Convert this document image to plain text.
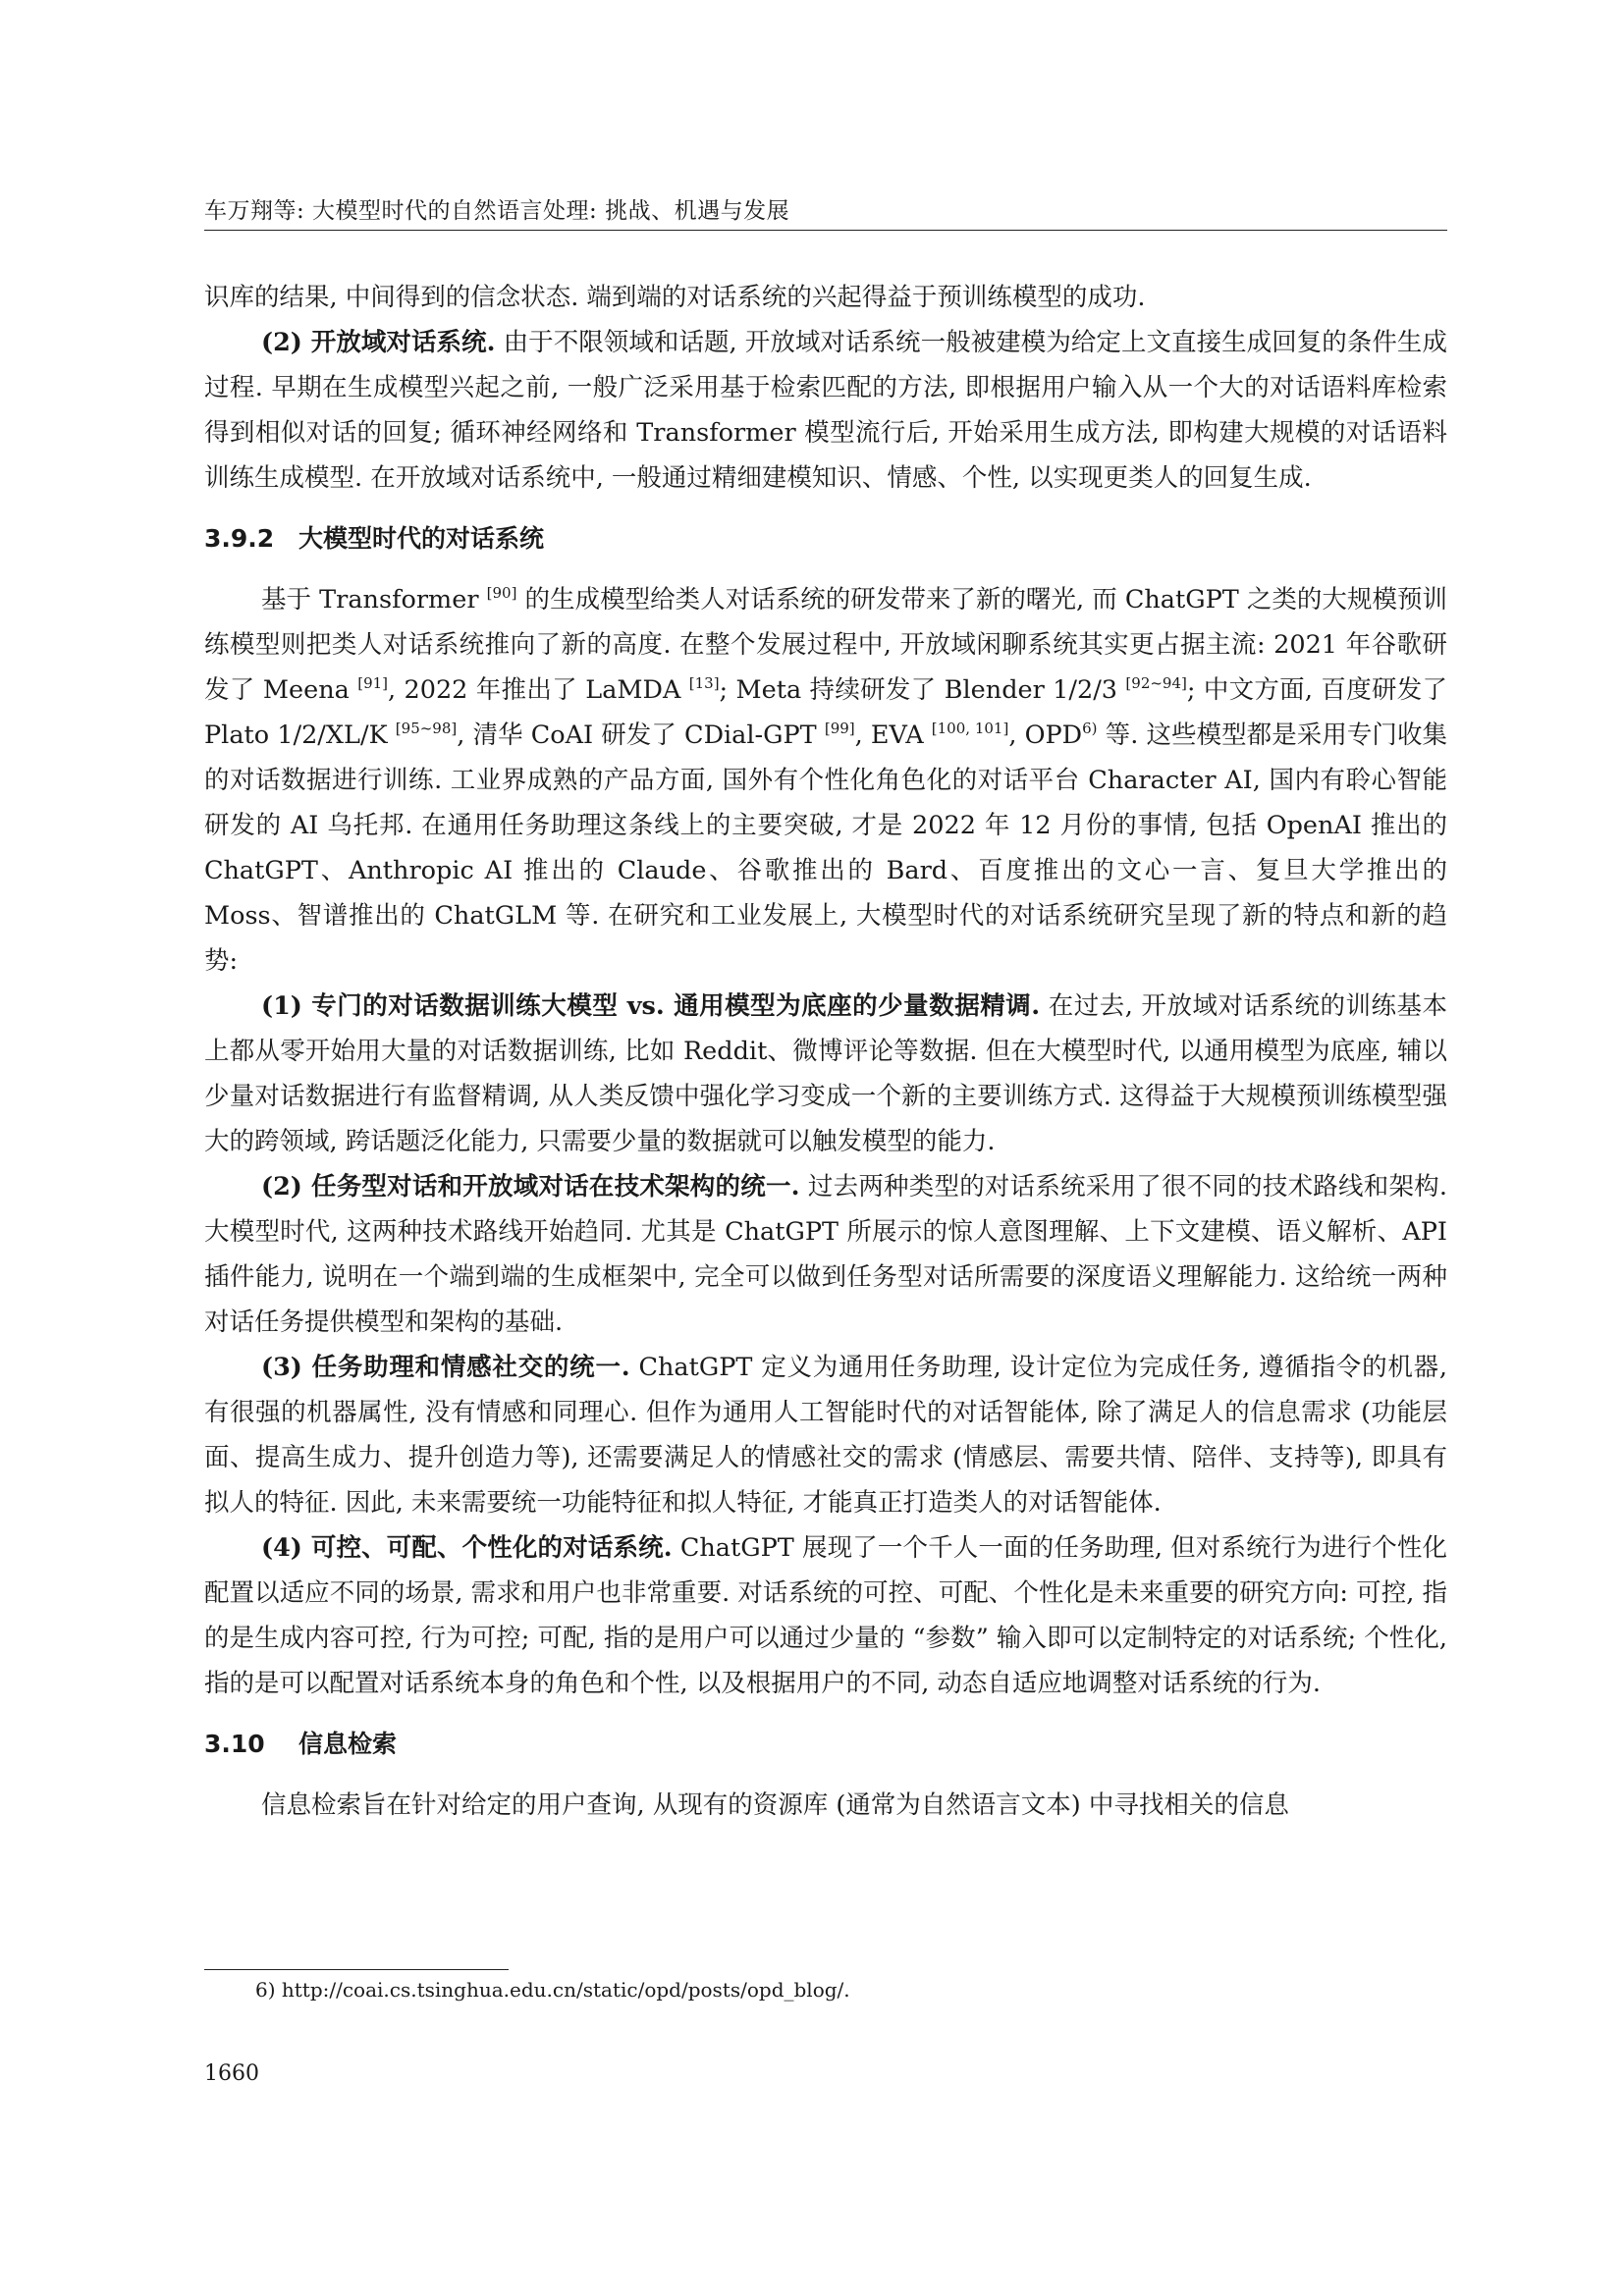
车万翔等: 大模型时代的自然语言处理: 挑战、机遇与发展

识库的结果, 中间得到的信念状态. 端到端的对话系统的兴起得益于预训练模型的成功.

(2) 开放域对话系统. 由于不限领域和话题, 开放域对话系统一般被建模为给定上文直接生成回复的条件生成过程. 早期在生成模型兴起之前, 一般广泛采用基于检索匹配的方法, 即根据用户输入从一个大的对话语料库检索得到相似对话的回复; 循环神经网络和 Transformer 模型流行后, 开始采用生成方法, 即构建大规模的对话语料训练生成模型. 在开放域对话系统中, 一般通过精细建模知识、情感、个性, 以实现更类人的回复生成.

3.9.2 大模型时代的对话系统

基于 Transformer [90] 的生成模型给类人对话系统的研发带来了新的曙光, 而 ChatGPT 之类的大规模预训练模型则把类人对话系统推向了新的高度. 在整个发展过程中, 开放域闲聊系统其实更占据主流: 2021 年谷歌研发了 Meena [91], 2022 年推出了 LaMDA [13]; Meta 持续研发了 Blender 1/2/3 [92~94]; 中文方面, 百度研发了 Plato 1/2/XL/K [95~98], 清华 CoAI 研发了 CDial-GPT [99], EVA [100, 101], OPD$^{6)}$ 等. 这些模型都是采用专门收集的对话数据进行训练. 工业界成熟的产品方面, 国外有个性化角色化的对话平台 Character AI, 国内有聆心智能研发的 AI 乌托邦. 在通用任务助理这条线上的主要突破, 才是 2022 年 12 月份的事情, 包括 OpenAI 推出的 ChatGPT、Anthropic AI 推出的 Claude、谷歌推出的 Bard、百度推出的文心一言、复旦大学推出的 Moss、智谱推出的 ChatGLM 等. 在研究和工业发展上, 大模型时代的对话系统研究呈现了新的特点和新的趋势:

(1) 专门的对话数据训练大模型 vs. 通用模型为底座的少量数据精调. 在过去, 开放域对话系统的训练基本上都从零开始用大量的对话数据训练, 比如 Reddit、微博评论等数据. 但在大模型时代, 以通用模型为底座, 辅以少量对话数据进行有监督精调, 从人类反馈中强化学习变成一个新的主要训练方式. 这得益于大规模预训练模型强大的跨领域, 跨话题泛化能力, 只需要少量的数据就可以触发模型的能力.

(2) 任务型对话和开放域对话在技术架构的统一. 过去两种类型的对话系统采用了很不同的技术路线和架构. 大模型时代, 这两种技术路线开始趋同. 尤其是 ChatGPT 所展示的惊人意图理解、上下文建模、语义解析、API 插件能力, 说明在一个端到端的生成框架中, 完全可以做到任务型对话所需要的深度语义理解能力. 这给统一两种对话任务提供模型和架构的基础.

(3) 任务助理和情感社交的统一. ChatGPT 定义为通用任务助理, 设计定位为完成任务, 遵循指令的机器, 有很强的机器属性, 没有情感和同理心. 但作为通用人工智能时代的对话智能体, 除了满足人的信息需求 (功能层面、提高生成力、提升创造力等), 还需要满足人的情感社交的需求 (情感层、需要共情、陪伴、支持等), 即具有拟人的特征. 因此, 未来需要统一功能特征和拟人特征, 才能真正打造类人的对话智能体.

(4) 可控、可配、个性化的对话系统. ChatGPT 展现了一个千人一面的任务助理, 但对系统行为进行个性化配置以适应不同的场景, 需求和用户也非常重要. 对话系统的可控、可配、个性化是未来重要的研究方向: 可控, 指的是生成内容可控, 行为可控; 可配, 指的是用户可以通过少量的 “参数” 输入即可以定制特定的对话系统; 个性化, 指的是可以配置对话系统本身的角色和个性, 以及根据用户的不同, 动态自适应地调整对话系统的行为.

3.10 信息检索

信息检索旨在针对给定的用户查询, 从现有的资源库 (通常为自然语言文本) 中寻找相关的信息

6) http://coai.cs.tsinghua.edu.cn/static/opd/posts/opd_blog/.
1660
